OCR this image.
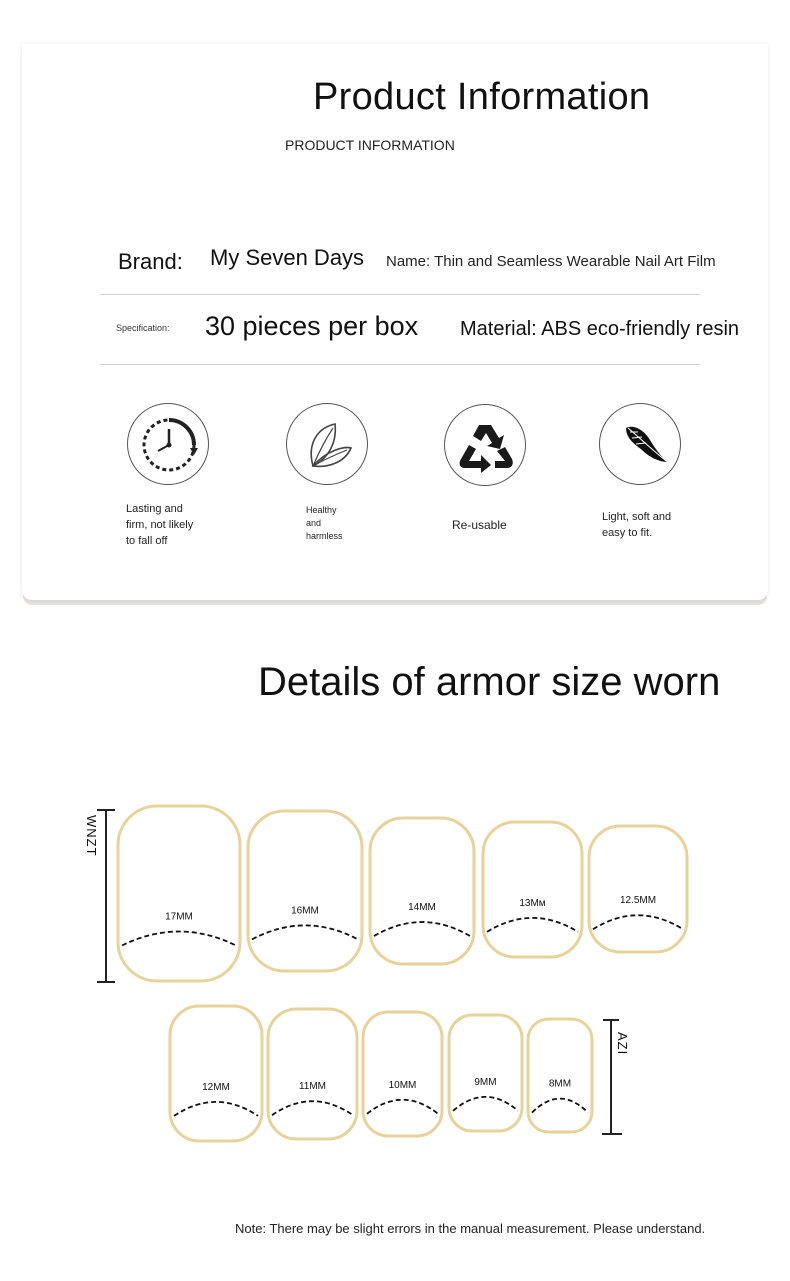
Product Information
PRODUCT INFORMATION
Brand: My Seven Days Name: Thin and Seamless Wearable Nail Art Film
Specification: 30 pieces per box Material: ABS eco-friendly resin
Lasting and
firm, not likely
to fall off
Healthy
and
harmless
Re-usable
Light, soft and
easy to fit.
Details of armor size worn
17MM
16MM	14MM	13Mм	12.5MM
12MM	11MM	10MM	9MM	8MM
WNZT
AZI
Note: There may be slight errors in the manual measurement. Please understand.
